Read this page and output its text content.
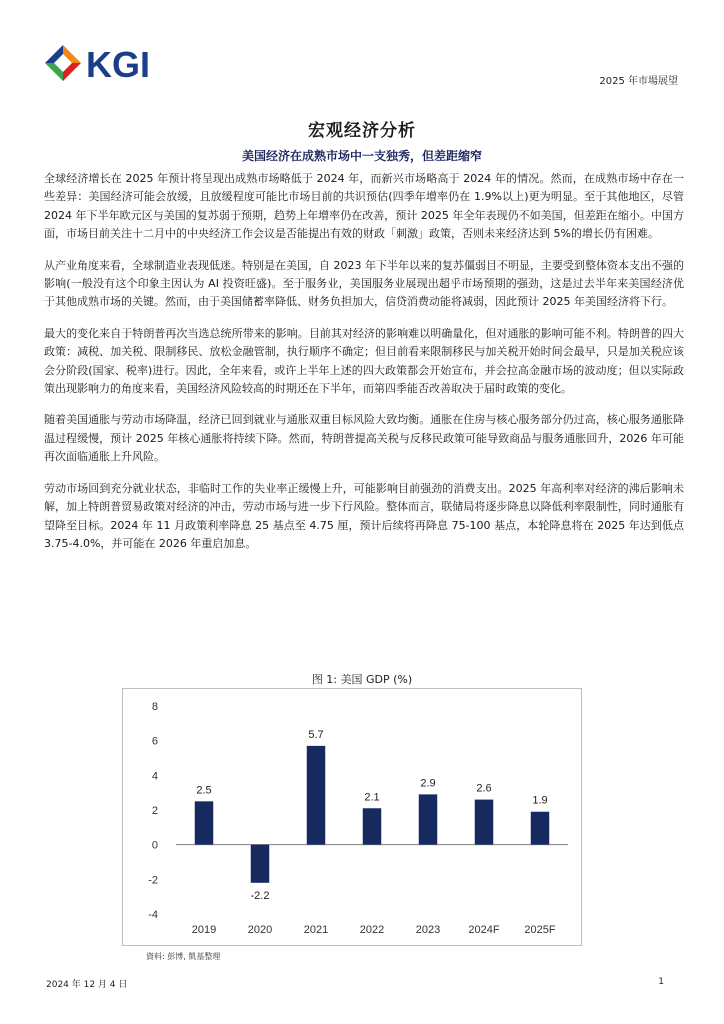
KGI	2025 年市場展望
宏观经济分析
美国经济在成熟市场中一支独秀，但差距缩窄

全球经济增长在 2025 年预计将呈现出成熟市场略低于 2024 年，而新兴市场略高于 2024 年的情况。然而，在成熟市场中存在一些差异：美国经济可能会放缓，且放缓程度可能比市场目前的共识预估(四季年增率仍在 1.9%以上)更为明显。至于其他地区，尽管 2024 年下半年欧元区与美国的复苏弱于预期，趋势上年增率仍在改善，预计 2025 年全年表现仍不如美国，但差距在缩小。中国方面，市场目前关注十二月中的中央经济工作会议是否能提出有效的财政「刺激」政策，否则未来经济达到 5%的增长仍有困难。

从产业角度来看，全球制造业表现低迷。特别是在美国，自 2023 年下半年以来的复苏僵弱目不明显，主要受到整体资本支出不强的影响(一般没有这个印象主因认为 AI 投资旺盛)。至于服务业，美国服务业展现出超乎市场预期的强劲，这是过去半年来美国经济优于其他成熟市场的关键。然而，由于美国储蓄率降低、财务负担加大，信贷消费动能将减弱，因此预计 2025 年美国经济将下行。

最大的变化来自于特朗普再次当选总统所带来的影响。目前其对经济的影响难以明确量化，但对通胀的影响可能不利。特朗普的四大政策：减税、加关税、限制移民、放松金融管制，执行顺序不确定；但目前看来限制移民与加关税开始时间会最早，只是加关税应该会分阶段(国家、税率)进行。因此，全年来看，或许上半年上述的四大政策都会开始宣布，并会拉高金融市场的波动度；但以实际政策出现影响力的角度来看，美国经济风险较高的时期还在下半年，而第四季能否改善取决于届时政策的变化。

随着美国通胀与劳动市场降温，经济已回到就业与通胀双重目标风险大致均衡。通胀在住房与核心服务部分仍过高，核心服务通胀降温过程缓慢，预计 2025 年核心通胀将持续下降。然而，特朗普提高关税与反移民政策可能导致商品与服务通胀回升，2026 年可能再次面临通胀上升风险。

劳动市场回到充分就业状态，非临时工作的失业率正缓慢上升，可能影响目前强劲的消费支出。2025 年高利率对经济的沸后影响未解，加上特朗普贸易政策对经济的冲击，劳动市场与进一步下行风险。整体而言，联储局将逐步降息以降低利率限制性，同时通胀有望降至目标。2024 年 11 月政策利率降息 25 基点至 4.75 厘，预计后续将再降息 75-100 基点，本轮降息将在 2025 年达到低点 3.75-4.0%，并可能在 2026 年重启加息。

图 1: 美国 GDP (%)
-4
-2
0
2
4
6
8
2.5
2019
-2.2
2020
5.7
2021
2.1
2022
2.9
2023
2.6
2024F
1.9
2025F
資料: 彭博, 凱基整理
2024 年 12 月 4 日	1
